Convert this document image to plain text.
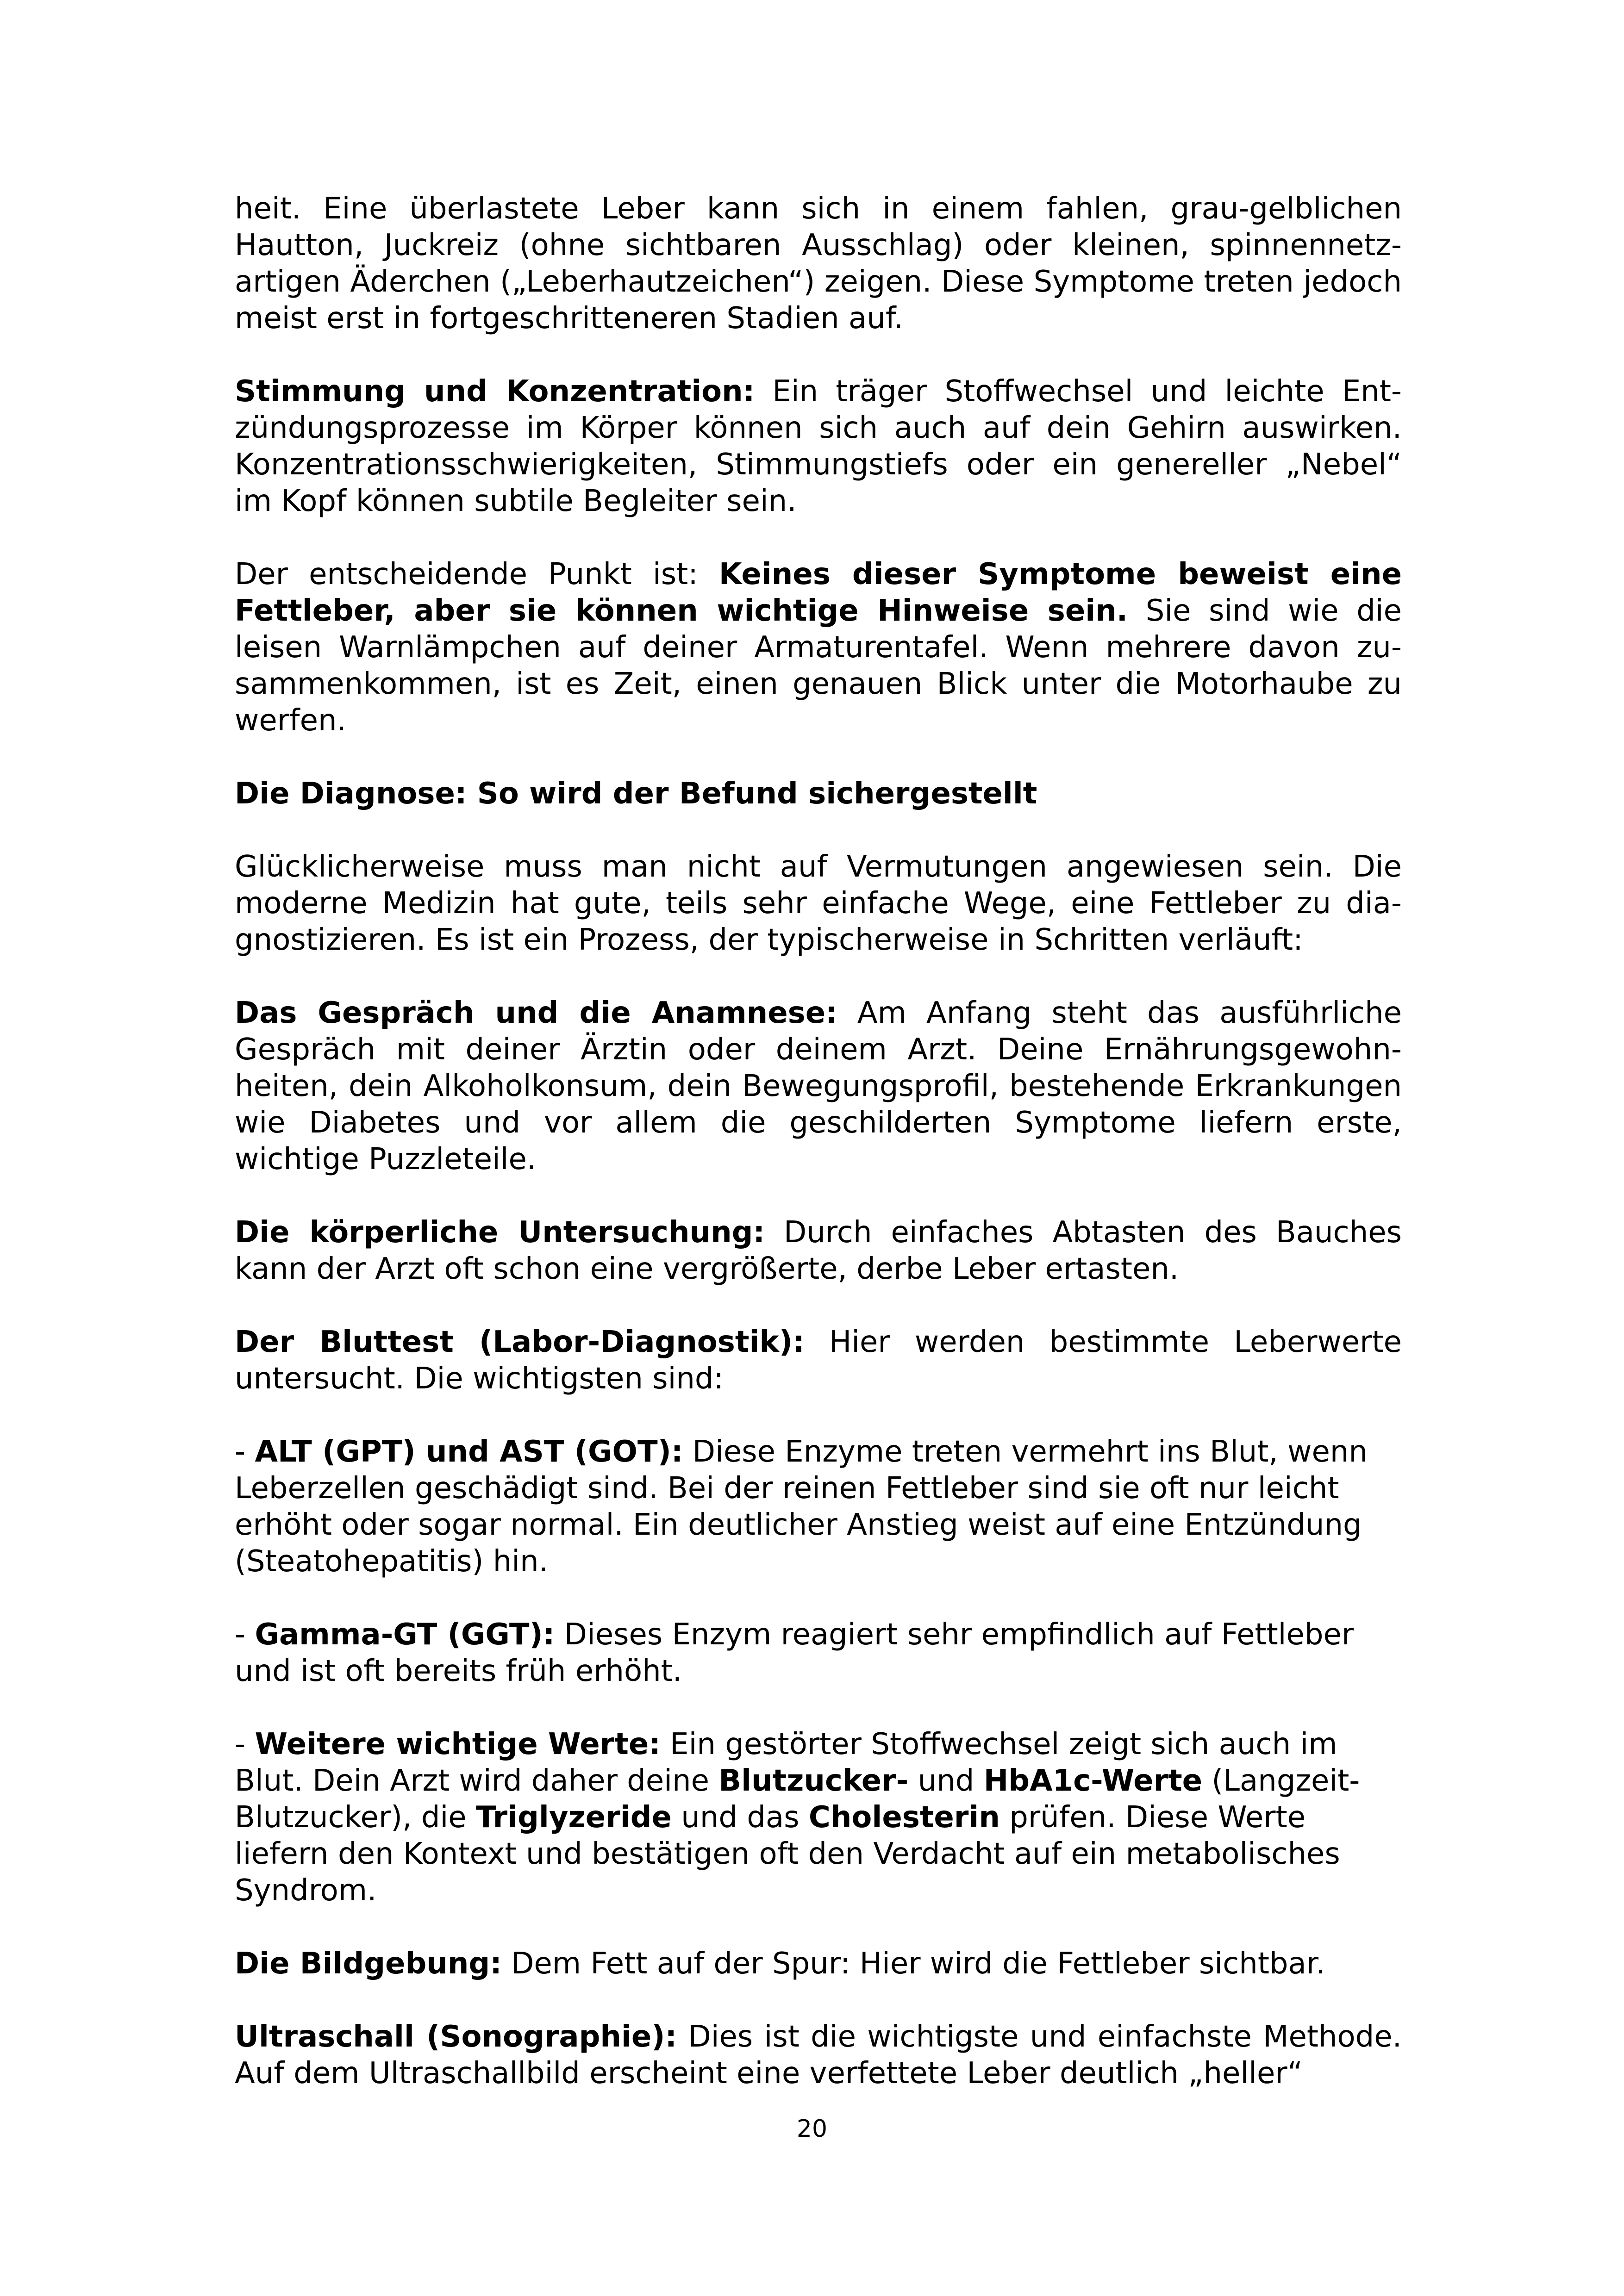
heit. Eine überlastete Leber kann sich in einem fahlen, grau-gelblichen Hautton, Juckreiz (ohne sichtbaren Ausschlag) oder kleinen, spinnennetzartigen Äderchen („Leberhautzeichen“) zeigen. Diese Symptome treten jedoch meist erst in fortgeschritteneren Stadien auf.

Stimmung und Konzentration: Ein träger Stoffwechsel und leichte Entzündungsprozesse im Körper können sich auch auf dein Gehirn auswirken. Konzentrationsschwierigkeiten, Stimmungstiefs oder ein genereller „Nebel“ im Kopf können subtile Begleiter sein.

Der entscheidende Punkt ist: Keines dieser Symptome beweist eine Fettleber, aber sie können wichtige Hinweise sein. Sie sind wie die leisen Warnlämpchen auf deiner Armaturentafel. Wenn mehrere davon zusammenkommen, ist es Zeit, einen genauen Blick unter die Motorhaube zu werfen.

Die Diagnose: So wird der Befund sichergestellt

Glücklicherweise muss man nicht auf Vermutungen angewiesen sein. Die moderne Medizin hat gute, teils sehr einfache Wege, eine Fettleber zu diagnostizieren. Es ist ein Prozess, der typischerweise in Schritten verläuft:

Das Gespräch und die Anamnese: Am Anfang steht das ausführliche Gespräch mit deiner Ärztin oder deinem Arzt. Deine Ernährungsgewohnheiten, dein Alkoholkonsum, dein Bewegungsprofil, bestehende Erkrankungen wie Diabetes und vor allem die geschilderten Symptome liefern erste, wichtige Puzzleteile.

Die körperliche Untersuchung: Durch einfaches Abtasten des Bauches kann der Arzt oft schon eine vergrößerte, derbe Leber ertasten.

Der Bluttest (Labor-Diagnostik): Hier werden bestimmte Leberwerte untersucht. Die wichtigsten sind:

- ALT (GPT) und AST (GOT): Diese Enzyme treten vermehrt ins Blut, wenn Leberzellen geschädigt sind. Bei der reinen Fettleber sind sie oft nur leicht erhöht oder sogar normal. Ein deutlicher Anstieg weist auf eine Entzündung (Steatohepatitis) hin.

- Gamma-GT (GGT): Dieses Enzym reagiert sehr empfindlich auf Fettleber und ist oft bereits früh erhöht.

- Weitere wichtige Werte: Ein gestörter Stoffwechsel zeigt sich auch im Blut. Dein Arzt wird daher deine Blutzucker- und HbA1c-Werte (Langzeit-Blutzucker), die Triglyzeride und das Cholesterin prüfen. Diese Werte liefern den Kontext und bestätigen oft den Verdacht auf ein metabolisches Syndrom.

Die Bildgebung: Dem Fett auf der Spur: Hier wird die Fettleber sichtbar.

Ultraschall (Sonographie): Dies ist die wichtigste und einfachste Methode. Auf dem Ultraschallbild erscheint eine verfettete Leber deutlich „heller“

20
